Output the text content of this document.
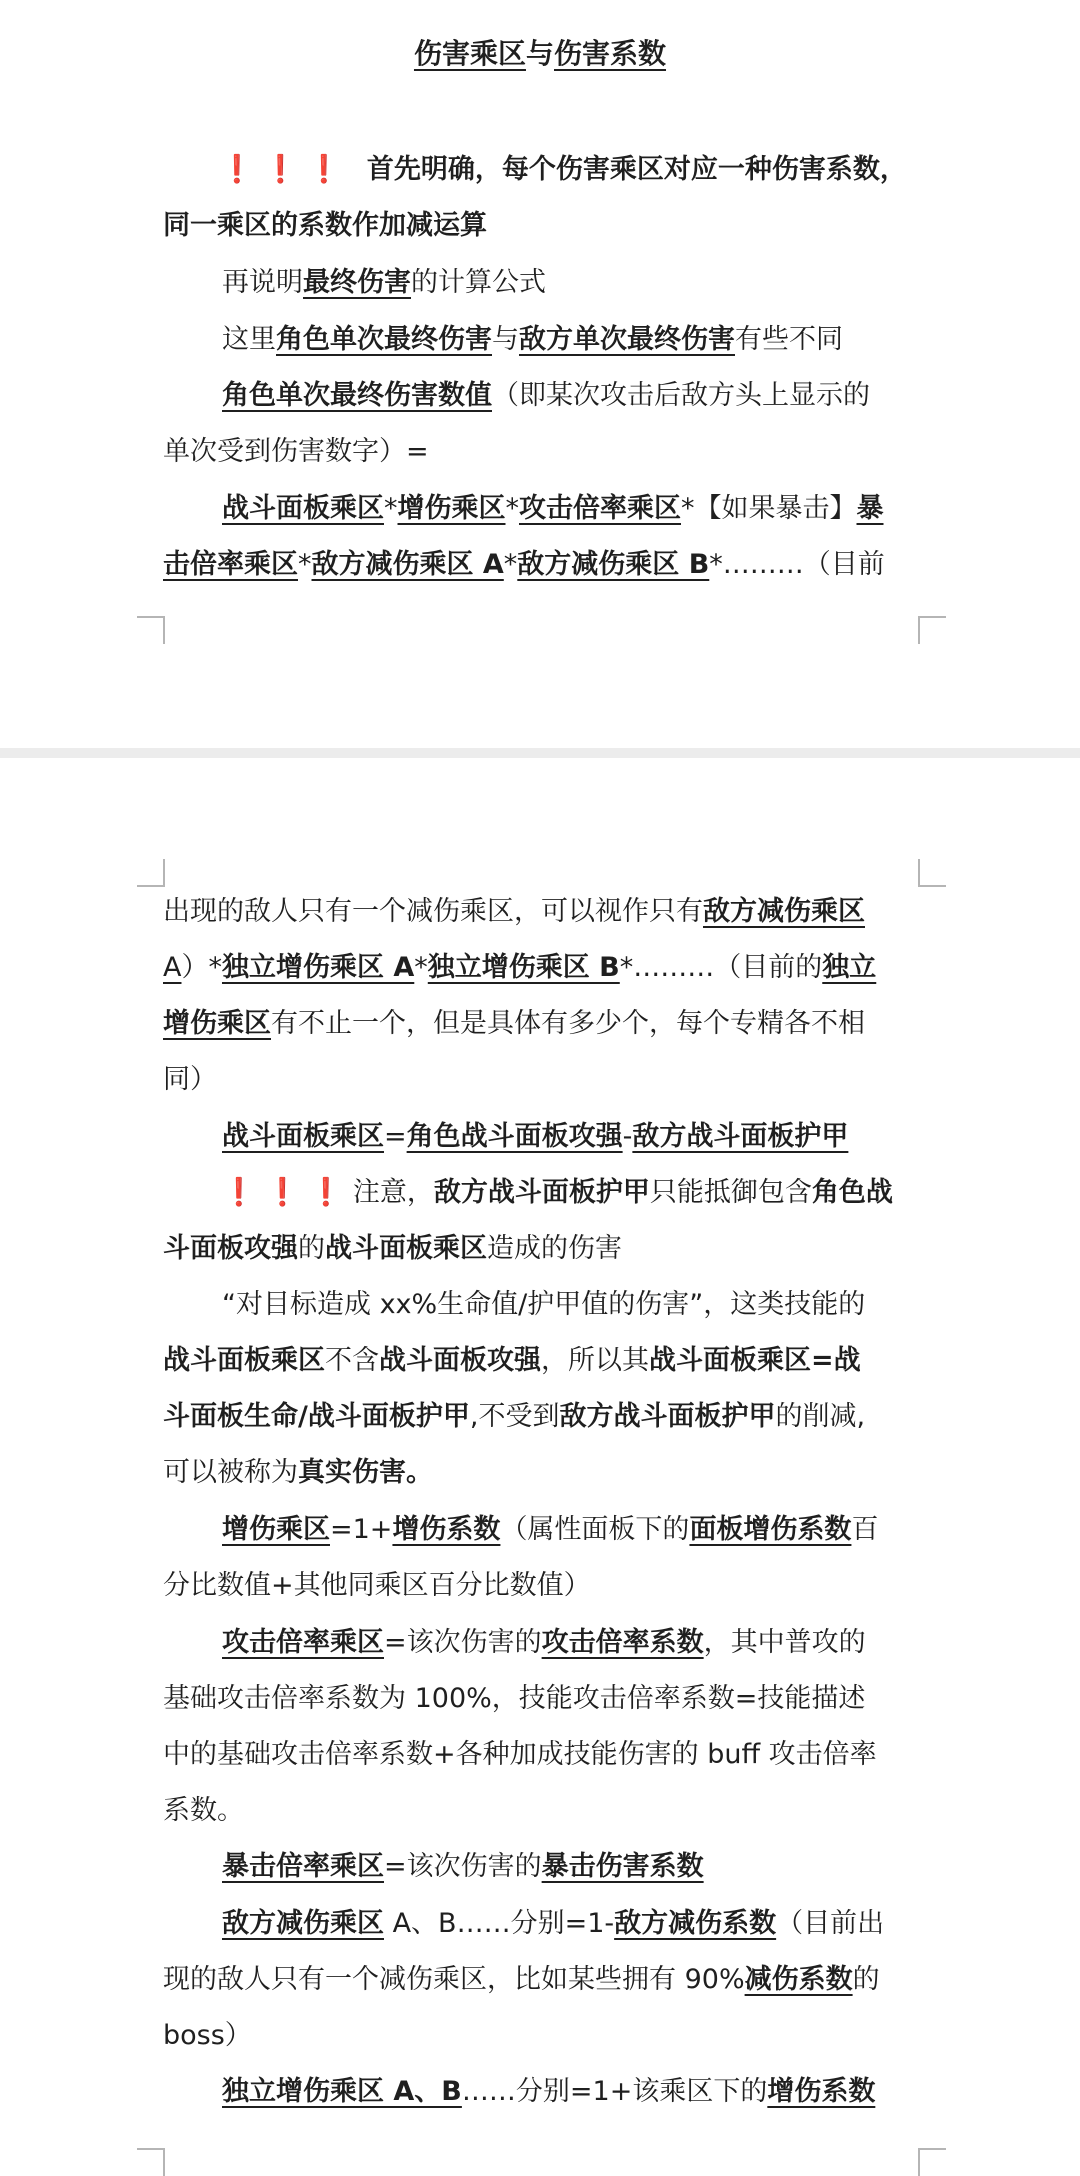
伤害乘区与伤害系数
❗❗❗ 首先明确，每个伤害乘区对应一种伤害系数，
同一乘区的系数作加减运算
再说明最终伤害的计算公式
这里角色单次最终伤害与敌方单次最终伤害有些不同
角色单次最终伤害数值（即某次攻击后敌方头上显示的
单次受到伤害数字）=
战斗面板乘区*增伤乘区*攻击倍率乘区*【如果暴击】暴
击倍率乘区*敌方减伤乘区 A*敌方减伤乘区 B*………（目前
出现的敌人只有一个减伤乘区，可以视作只有敌方减伤乘区
A）*独立增伤乘区 A*独立增伤乘区 B*………（目前的独立
增伤乘区有不止一个，但是具体有多少个，每个专精各不相
同）
战斗面板乘区=角色战斗面板攻强-敌方战斗面板护甲
❗❗❗注意，敌方战斗面板护甲只能抵御包含角色战
斗面板攻强的战斗面板乘区造成的伤害
“对目标造成 xx%生命值/护甲值的伤害”，这类技能的
战斗面板乘区不含战斗面板攻强，所以其战斗面板乘区=战
斗面板生命/战斗面板护甲,不受到敌方战斗面板护甲的削减,
可以被称为真实伤害。
增伤乘区=1+增伤系数（属性面板下的面板增伤系数百
分比数值+其他同乘区百分比数值）
攻击倍率乘区=该次伤害的攻击倍率系数，其中普攻的
基础攻击倍率系数为 100%，技能攻击倍率系数=技能描述
中的基础攻击倍率系数+各种加成技能伤害的 buff 攻击倍率
系数。
暴击倍率乘区=该次伤害的暴击伤害系数
敌方减伤乘区 A、B……分别=1-敌方减伤系数（目前出
现的敌人只有一个减伤乘区，比如某些拥有 90%减伤系数的
boss）
独立增伤乘区 A、B……分别=1+该乘区下的增伤系数
